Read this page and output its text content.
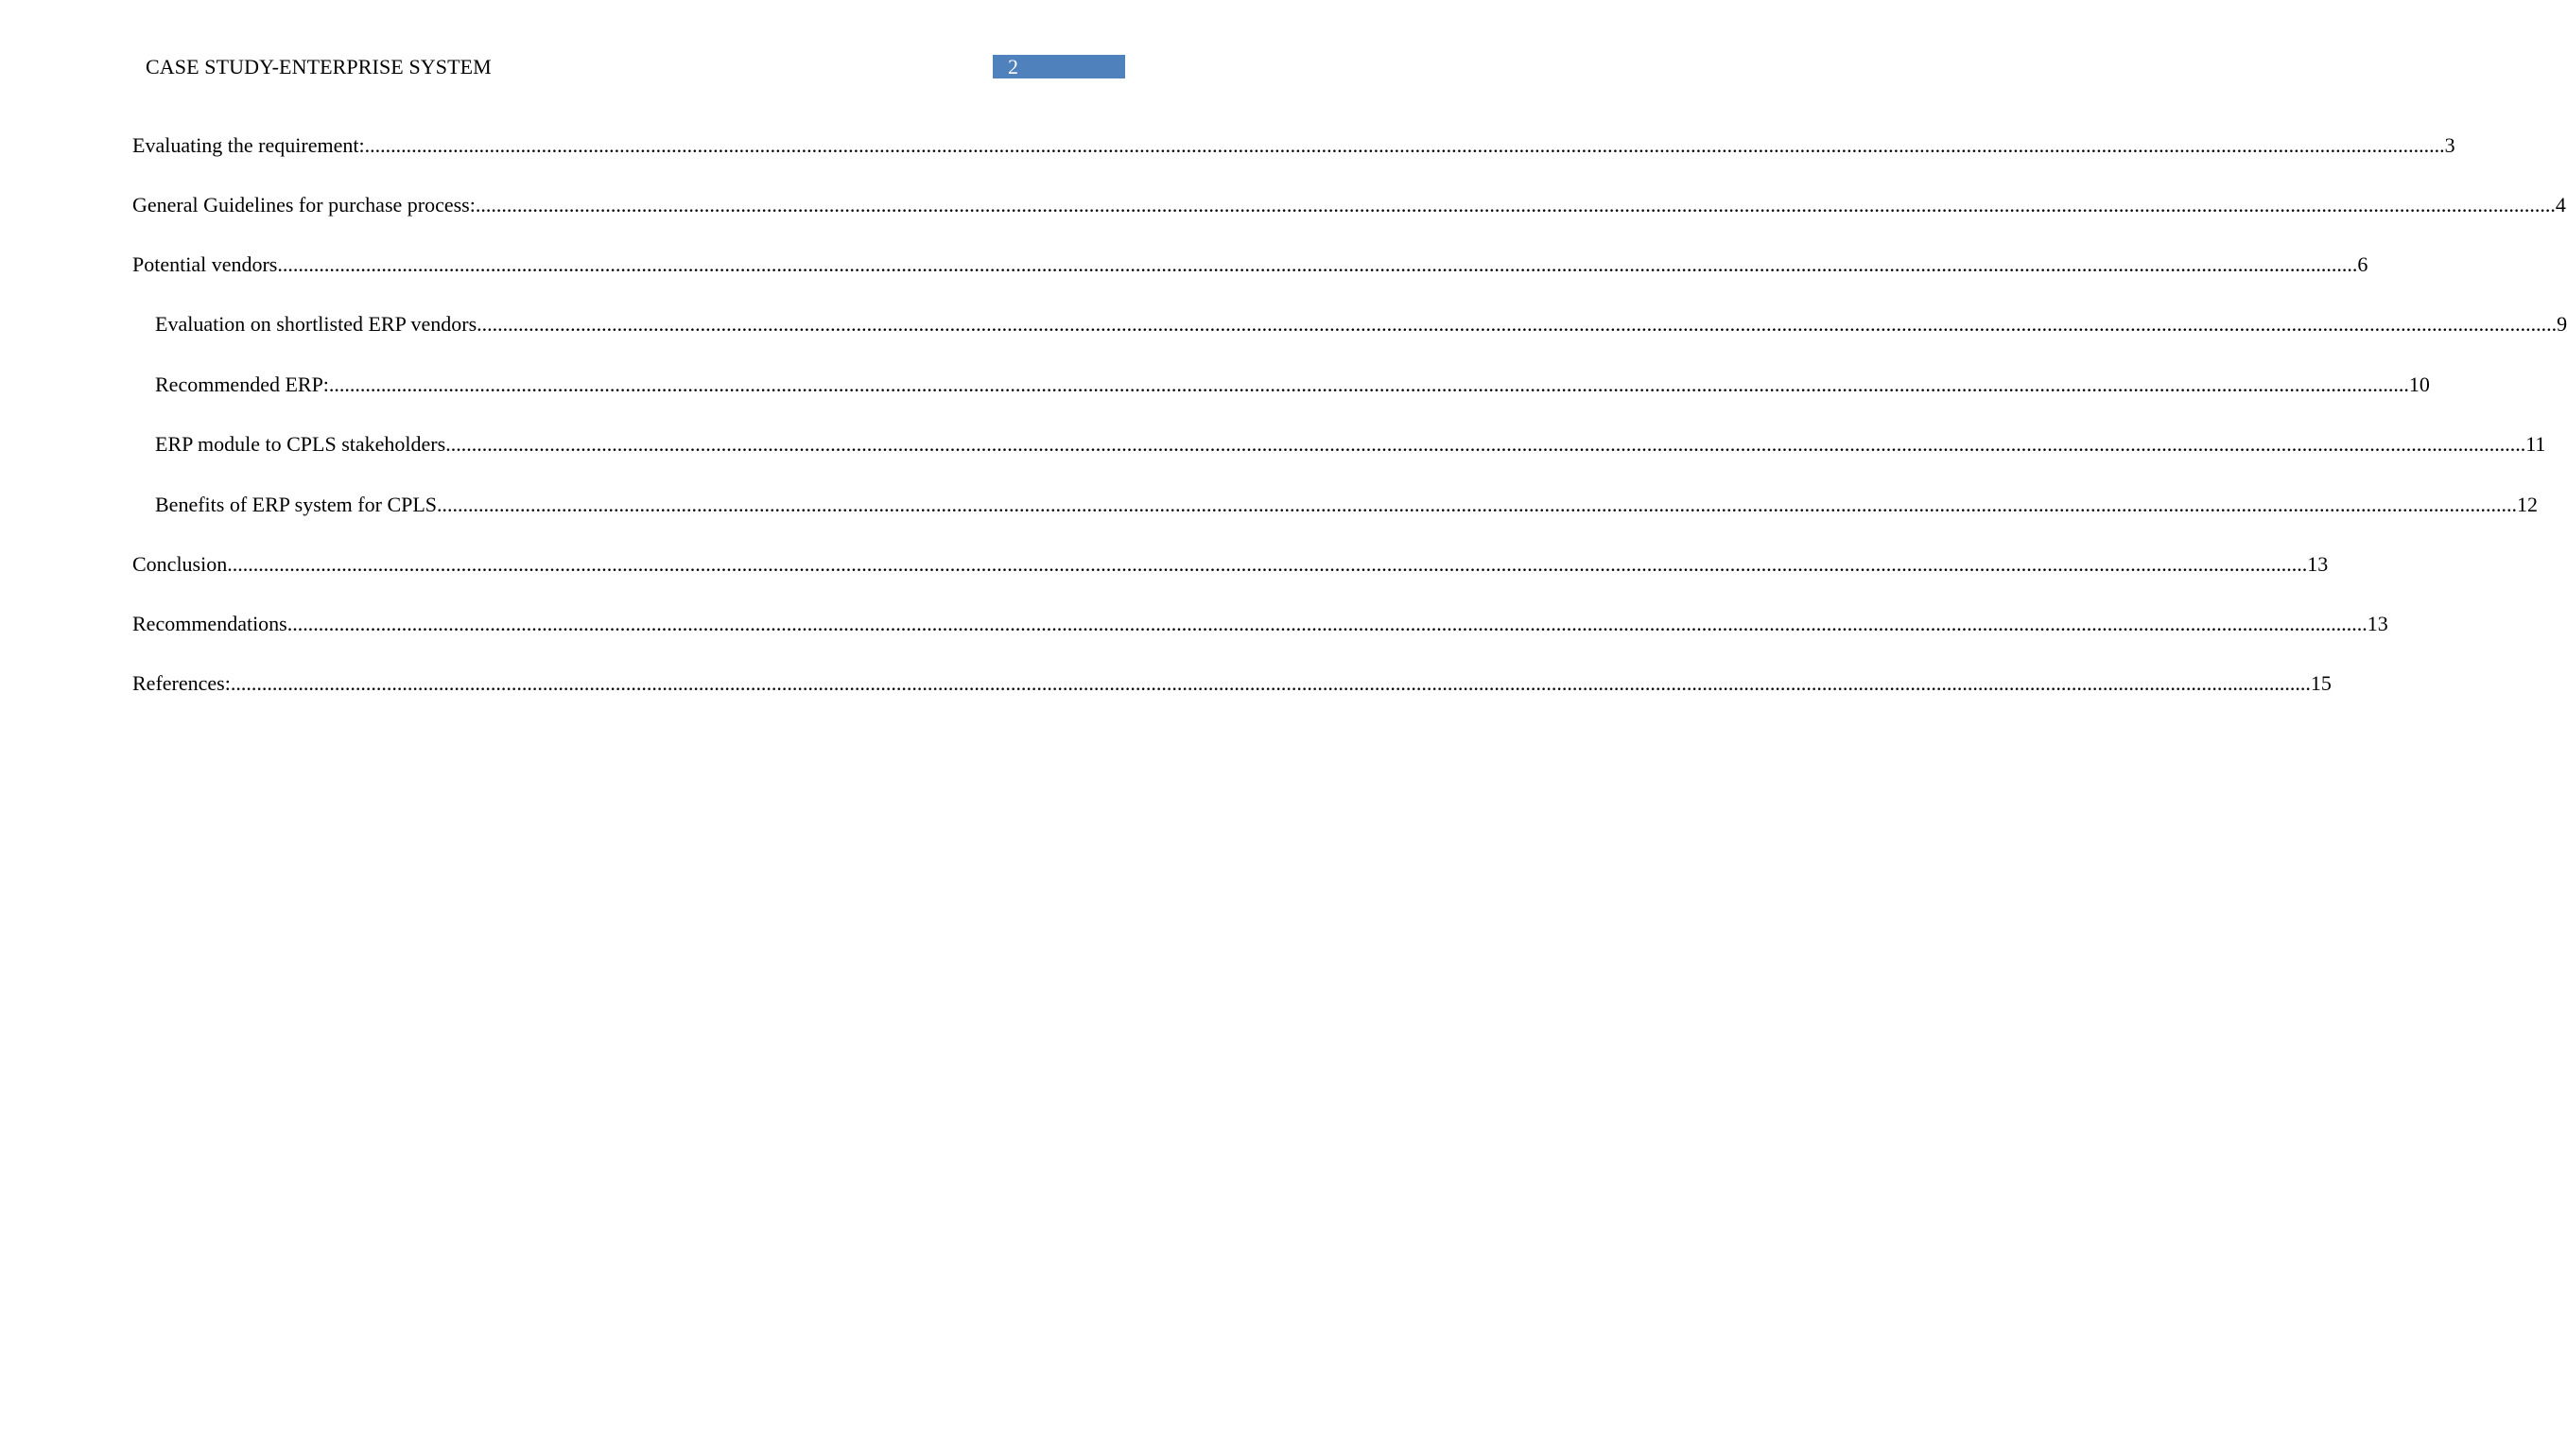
CASE STUDY-ENTERPRISE SYSTEM	2
Evaluating the requirement: ................................................................................................................................................................................................................................................................................................................................................................................................................ 3
General Guidelines for purchase process: ................................................................................................................................................................................................................................................................................................................................................................................................................ 4
Potential vendors ................................................................................................................................................................................................................................................................................................................................................................................................................ 6
Evaluation on shortlisted ERP vendors ................................................................................................................................................................................................................................................................................................................................................................................................................ 9
Recommended ERP: ................................................................................................................................................................................................................................................................................................................................................................................................................ 10
ERP module to CPLS stakeholders ................................................................................................................................................................................................................................................................................................................................................................................................................ 11
Benefits of ERP system for CPLS ................................................................................................................................................................................................................................................................................................................................................................................................................ 12
Conclusion ................................................................................................................................................................................................................................................................................................................................................................................................................ 13
Recommendations ................................................................................................................................................................................................................................................................................................................................................................................................................ 13
References: ................................................................................................................................................................................................................................................................................................................................................................................................................ 15
